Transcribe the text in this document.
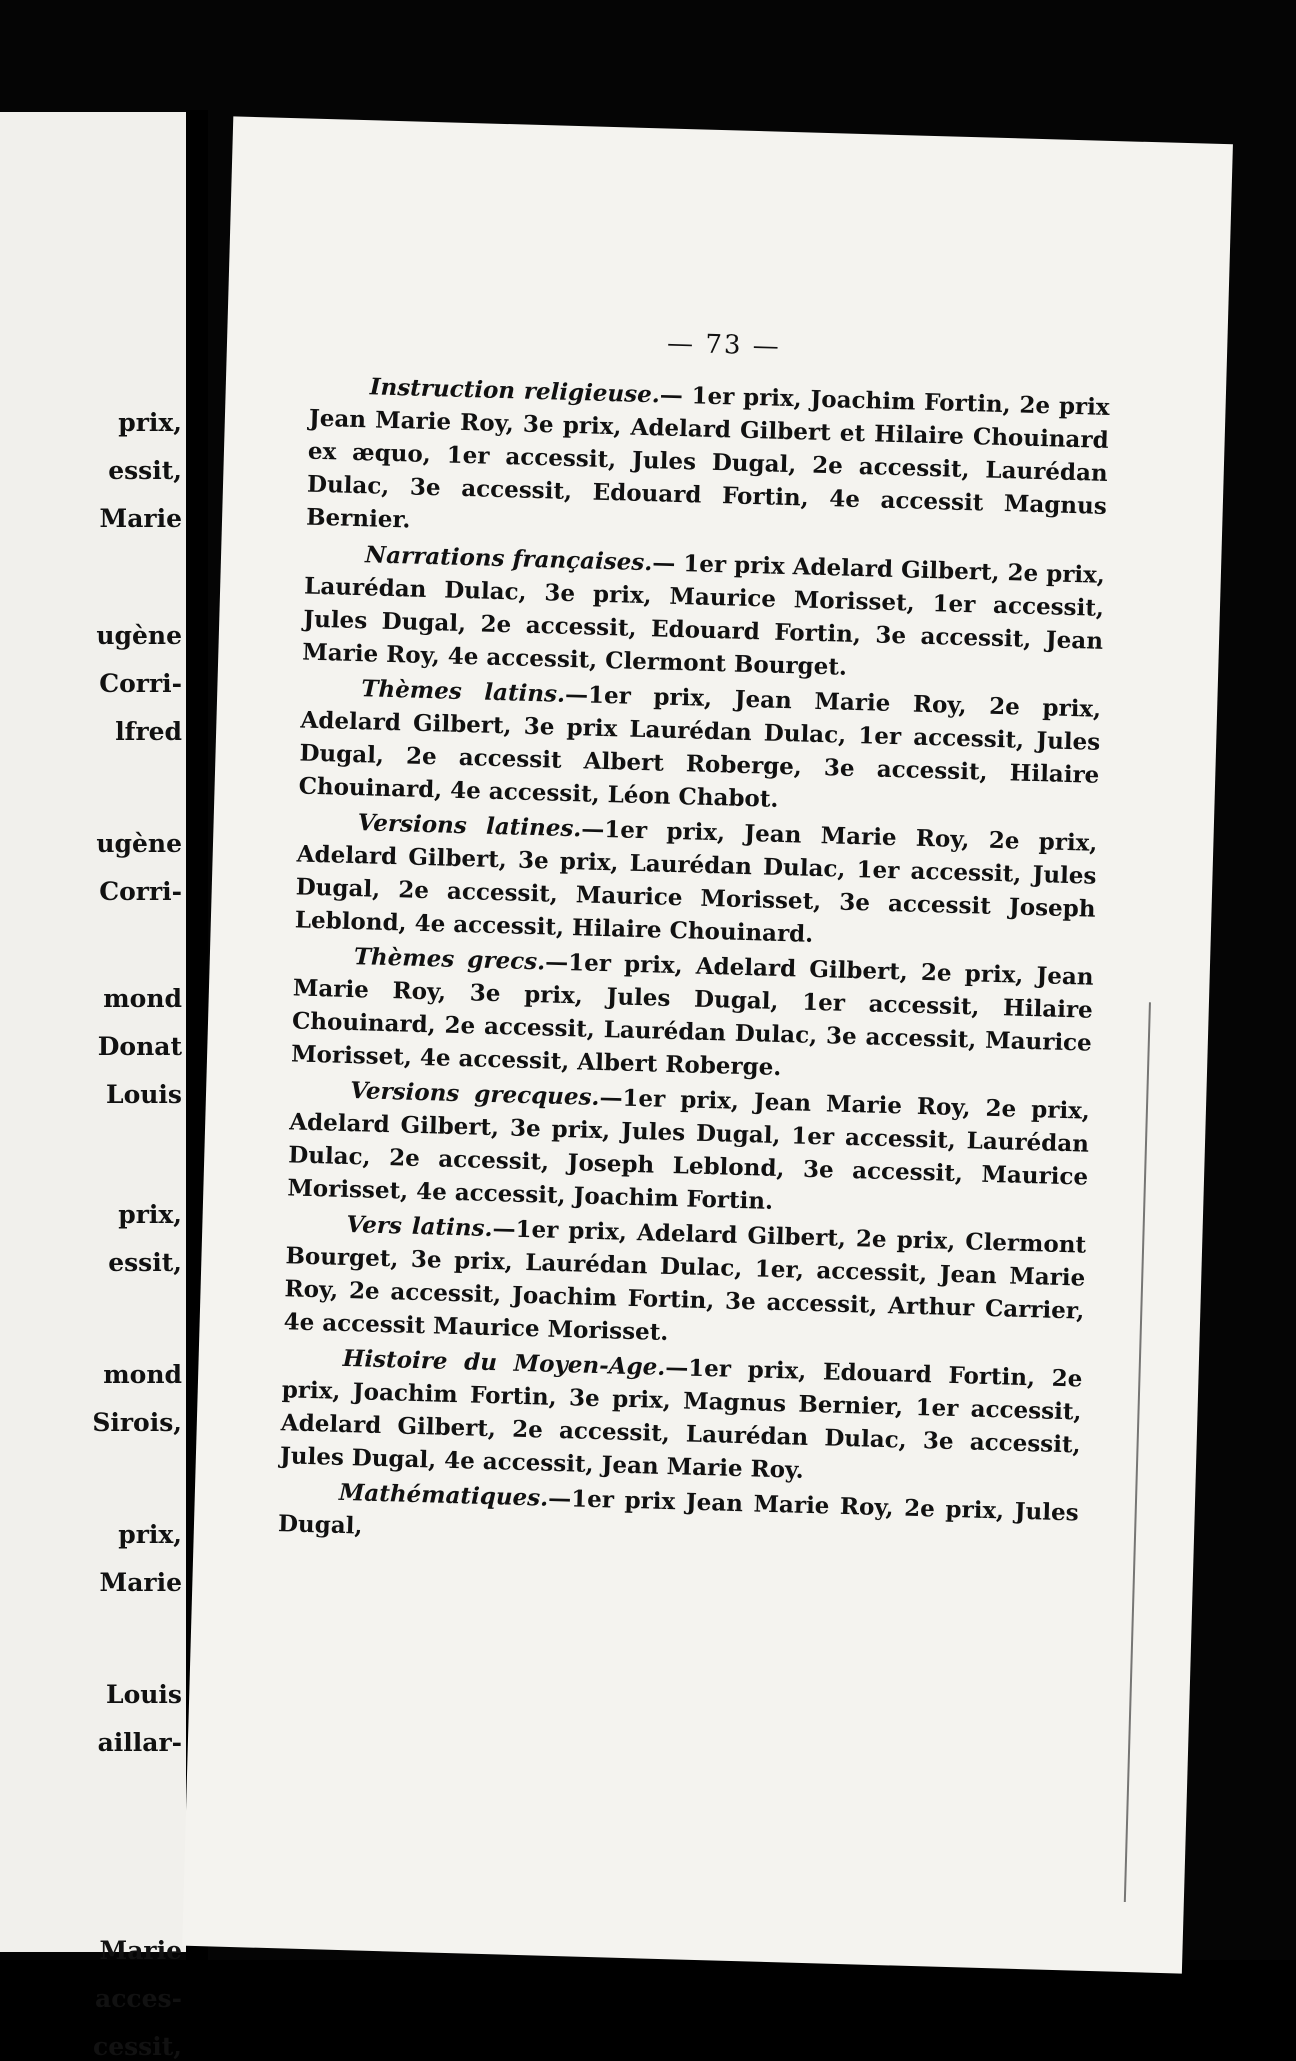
prix,
essit,
Marie
ugène
Corri-
lfred
ugène
Corri-
mond
Donat
Louis
prix,
essit,
mond
Sirois,
prix,
Marie
Louis
aillar-
Marie
acces-
cessit,
— 73 —
Instruction religieuse.— 1er prix, Joachim Fortin, 2e prix Jean Marie Roy, 3e prix, Adelard Gilbert et Hilaire Chouinard ex æquo, 1er accessit, Jules Dugal, 2e accessit, Laurédan Dulac, 3e accessit, Edouard Fortin, 4e accessit Magnus Bernier.
Narrations françaises.— 1er prix Adelard Gilbert, 2e prix, Laurédan Dulac, 3e prix, Maurice Morisset, 1er accessit, Jules Dugal, 2e accessit, Edouard Fortin, 3e accessit, Jean Marie Roy, 4e accessit, Clermont Bourget.
Thèmes latins.—1er prix, Jean Marie Roy, 2e prix, Adelard Gilbert, 3e prix Laurédan Dulac, 1er accessit, Jules Dugal, 2e accessit Albert Roberge, 3e accessit, Hilaire Chouinard, 4e accessit, Léon Chabot.
Versions latines.—1er prix, Jean Marie Roy, 2e prix, Adelard Gilbert, 3e prix, Laurédan Dulac, 1er accessit, Jules Dugal, 2e accessit, Maurice Morisset, 3e accessit Joseph Leblond, 4e accessit, Hilaire Chouinard.
Thèmes grecs.—1er prix, Adelard Gilbert, 2e prix, Jean Marie Roy, 3e prix, Jules Dugal, 1er accessit, Hilaire Chouinard, 2e accessit, Laurédan Dulac, 3e accessit, Maurice Morisset, 4e accessit, Albert Roberge.
Versions grecques.—1er prix, Jean Marie Roy, 2e prix, Adelard Gilbert, 3e prix, Jules Dugal, 1er accessit, Laurédan Dulac, 2e accessit, Joseph Leblond, 3e accessit, Maurice Morisset, 4e accessit, Joachim Fortin.
Vers latins.—1er prix, Adelard Gilbert, 2e prix, Clermont Bourget, 3e prix, Laurédan Dulac, 1er, accessit, Jean Marie Roy, 2e accessit, Joachim Fortin, 3e accessit, Arthur Carrier, 4e accessit Maurice Morisset.
Histoire du Moyen-Age.—1er prix, Edouard Fortin, 2e prix, Joachim Fortin, 3e prix, Magnus Bernier, 1er accessit, Adelard Gilbert, 2e accessit, Laurédan Dulac, 3e accessit, Jules Dugal, 4e accessit, Jean Marie Roy.
Mathématiques.—1er prix Jean Marie Roy, 2e prix, Jules Dugal,
